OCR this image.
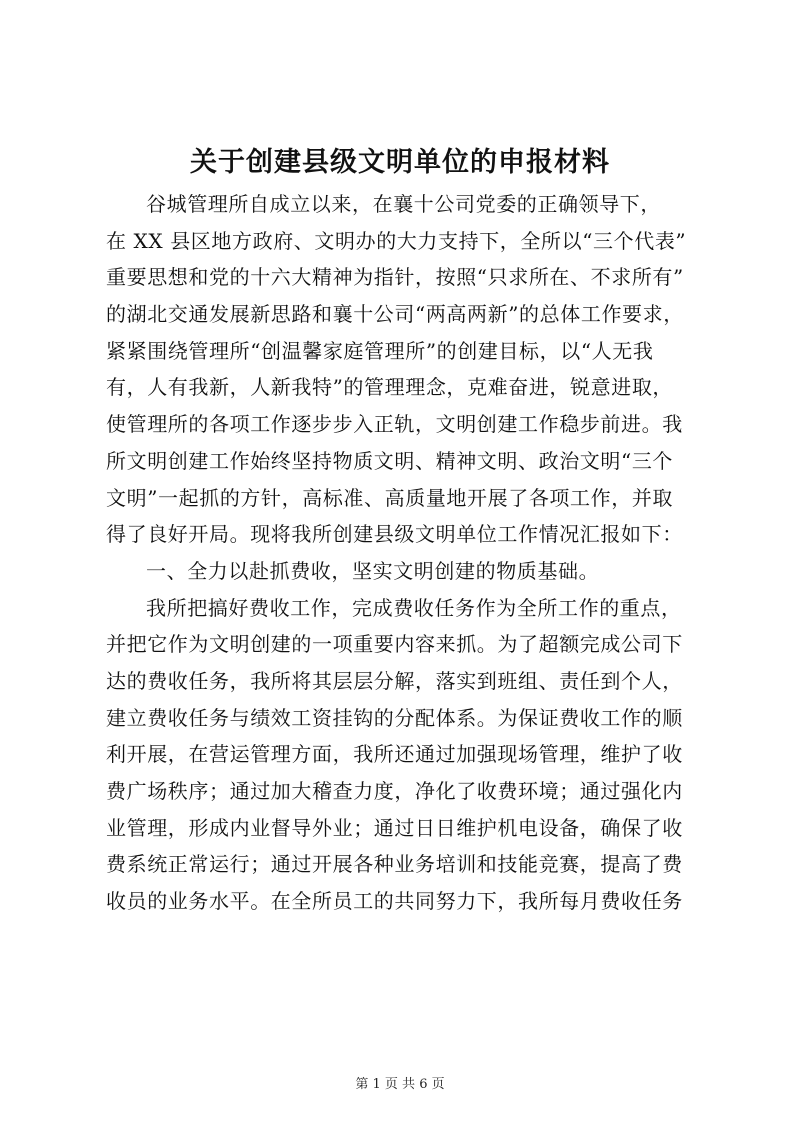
关于创建县级文明单位的申报材料
谷城管理所自成立以来，在襄十公司党委的正确领导下，
在 XX 县区地方政府、文明办的大力支持下，全所以“三个代表”
重要思想和党的十六大精神为指针，按照“只求所在、不求所有”
的湖北交通发展新思路和襄十公司“两高两新”的总体工作要求，
紧紧围绕管理所“创温馨家庭管理所”的创建目标，以“人无我
有，人有我新，人新我特”的管理理念，克难奋进，锐意进取，
使管理所的各项工作逐步步入正轨，文明创建工作稳步前进。我
所文明创建工作始终坚持物质文明、精神文明、政治文明“三个
文明”一起抓的方针，高标准、高质量地开展了各项工作，并取
得了良好开局。现将我所创建县级文明单位工作情况汇报如下：
一、全力以赴抓费收，坚实文明创建的物质基础。
我所把搞好费收工作，完成费收任务作为全所工作的重点，
并把它作为文明创建的一项重要内容来抓。为了超额完成公司下
达的费收任务，我所将其层层分解，落实到班组、责任到个人，
建立费收任务与绩效工资挂钩的分配体系。为保证费收工作的顺
利开展，在营运管理方面，我所还通过加强现场管理，维护了收
费广场秩序；通过加大稽查力度，净化了收费环境；通过强化内
业管理，形成内业督导外业；通过日日维护机电设备，确保了收
费系统正常运行；通过开展各种业务培训和技能竞赛，提高了费
收员的业务水平。在全所员工的共同努力下，我所每月费收任务
第 1 页 共 6 页
